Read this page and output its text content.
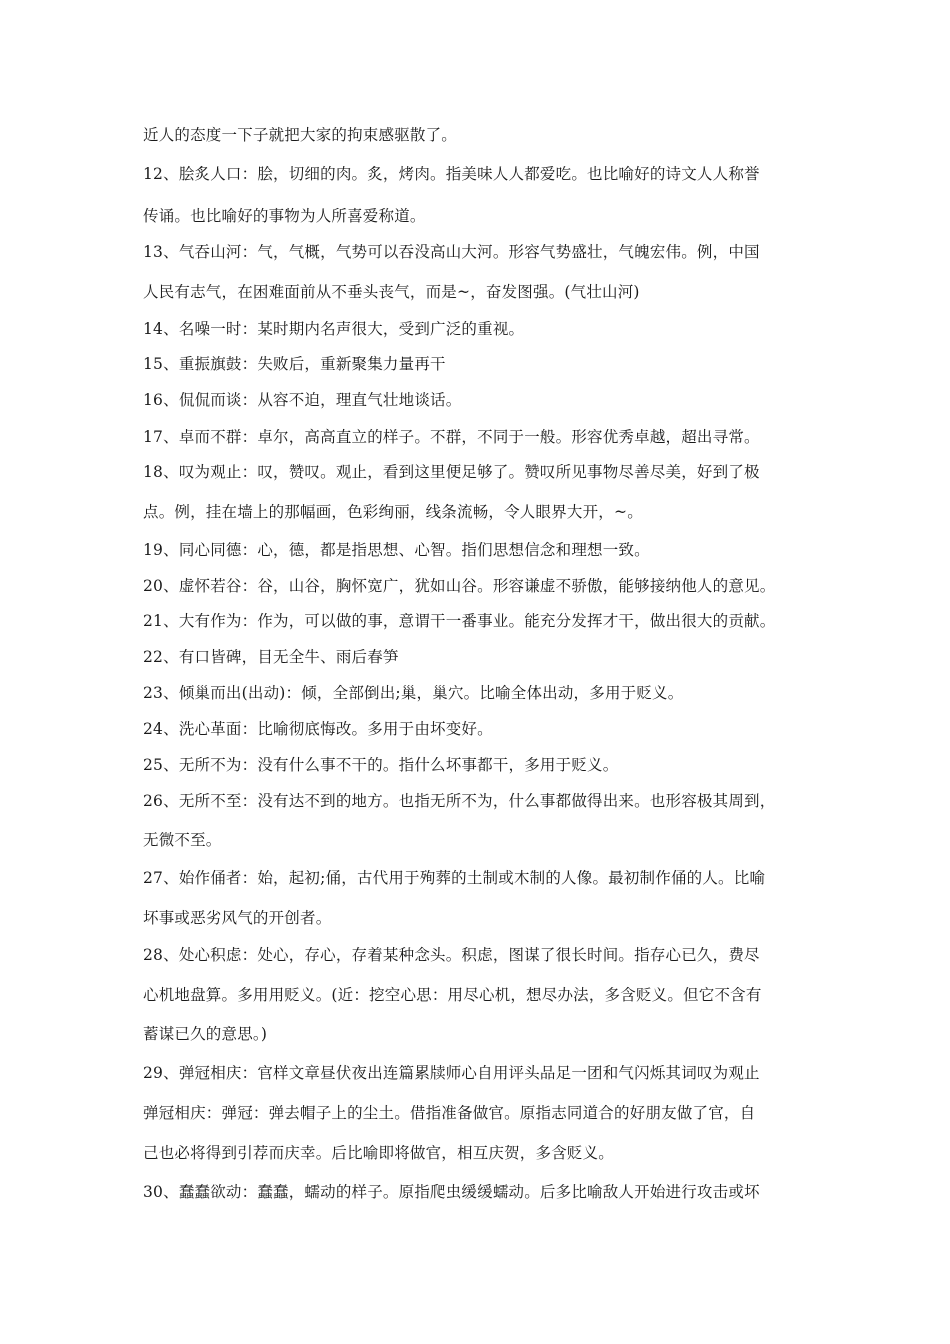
近人的态度一下子就把大家的拘束感驱散了。
12、脍炙人口：脍，切细的肉。炙，烤肉。指美味人人都爱吃。也比喻好的诗文人人称誉
传诵。也比喻好的事物为人所喜爱称道。
13、气吞山河：气，气概，气势可以吞没高山大河。形容气势盛壮，气魄宏伟。例，中国
人民有志气，在困难面前从不垂头丧气，而是~，奋发图强。(气壮山河)
14、名噪一时：某时期内名声很大，受到广泛的重视。
15、重振旗鼓：失败后，重新聚集力量再干
16、侃侃而谈：从容不迫，理直气壮地谈话。
17、卓而不群：卓尔，高高直立的样子。不群，不同于一般。形容优秀卓越，超出寻常。
18、叹为观止：叹，赞叹。观止，看到这里便足够了。赞叹所见事物尽善尽美，好到了极
点。例，挂在墙上的那幅画，色彩绚丽，线条流畅，令人眼界大开，~。
19、同心同德：心，德，都是指思想、心智。指们思想信念和理想一致。
20、虚怀若谷：谷，山谷，胸怀宽广，犹如山谷。形容谦虚不骄傲，能够接纳他人的意见。
21、大有作为：作为，可以做的事，意谓干一番事业。能充分发挥才干，做出很大的贡献。
22、有口皆碑，目无全牛、雨后春笋
23、倾巢而出(出动)：倾，全部倒出;巢，巢穴。比喻全体出动，多用于贬义。
24、洗心革面：比喻彻底悔改。多用于由坏变好。
25、无所不为：没有什么事不干的。指什么坏事都干，多用于贬义。
26、无所不至：没有达不到的地方。也指无所不为，什么事都做得出来。也形容极其周到，
无微不至。
27、始作俑者：始，起初;俑，古代用于殉葬的土制或木制的人像。最初制作俑的人。比喻
坏事或恶劣风气的开创者。
28、处心积虑：处心，存心，存着某种念头。积虑，图谋了很长时间。指存心已久，费尽
心机地盘算。多用用贬义。(近：挖空心思：用尽心机，想尽办法，多含贬义。但它不含有
蓄谋已久的意思。)
29、弹冠相庆：官样文章昼伏夜出连篇累牍师心自用评头品足一团和气闪烁其词叹为观止
弹冠相庆：弹冠：弹去帽子上的尘土。借指准备做官。原指志同道合的好朋友做了官，自
己也必将得到引荐而庆幸。后比喻即将做官，相互庆贺，多含贬义。
30、蠢蠢欲动：蠢蠢，蠕动的样子。原指爬虫缓缓蠕动。后多比喻敌人开始进行攻击或坏
